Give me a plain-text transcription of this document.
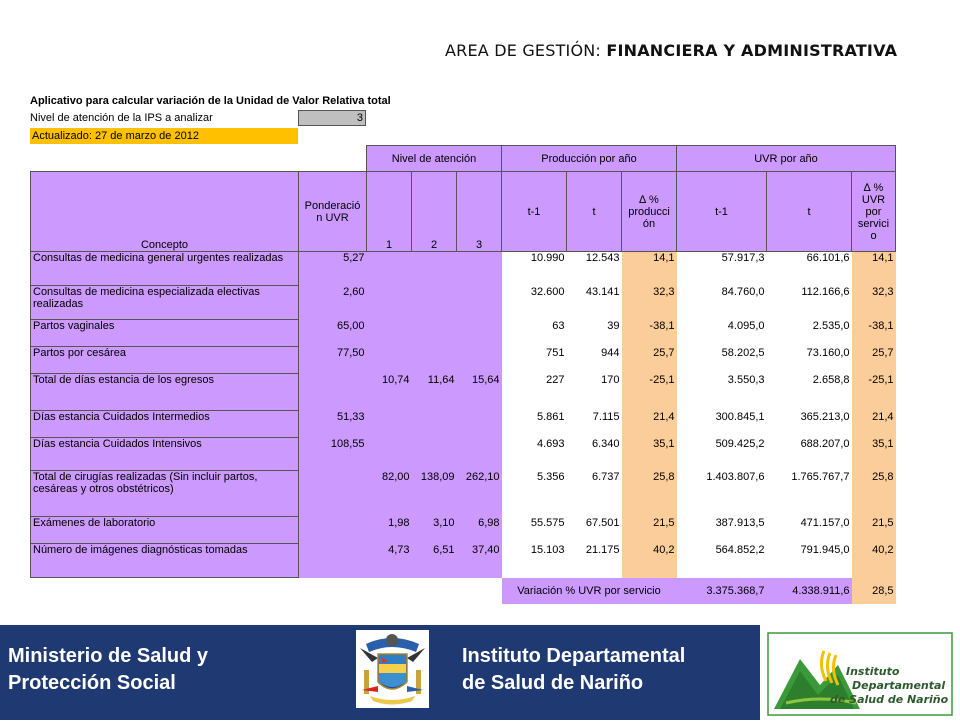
AREA DE GESTIÓN: FINANCIERA Y ADMINISTRATIVA
Aplicativo para calcular variación de la Unidad de Valor Relativa total
Nivel de atención de la IPS a analizar	3
Actualizado: 27 de marzo de 2012
		Nivel de atención			Producción por año			UVR por año		
Concepto	Ponderació n UVR	1	2	3	t-1	t	∆ % producci ón	t-1	t	∆ % UVR por servici o
Consultas de medicina general urgentes realizadas	5,27				10.990	12.543	14,1	57.917,3	66.101,6	14,1
Consultas de medicina especializada electivas realizadas	2,60				32.600	43.141	32,3	84.760,0	112.166,6	32,3
Partos vaginales	65,00				63	39	-38,1	4.095,0	2.535,0	-38,1
Partos por cesárea	77,50				751	944	25,7	58.202,5	73.160,0	25,7
Total de días estancia de los egresos		10,74	11,64	15,64	227	170	-25,1	3.550,3	2.658,8	-25,1
Días estancia Cuidados Intermedios	51,33				5.861	7.115	21,4	300.845,1	365.213,0	21,4
Días estancia Cuidados Intensivos	108,55				4.693	6.340	35,1	509.425,2	688.207,0	35,1
Total de cirugías realizadas (Sin incluir partos, cesáreas y otros obstétricos)		82,00	138,09	262,10	5.356	6.737	25,8	1.403.807,6	1.765.767,7	25,8
Exámenes de laboratorio		1,98	3,10	6,98	55.575	67.501	21,5	387.913,5	471.157,0	21,5
Número de imágenes diagnósticas tomadas		4,73	6,51	37,40	15.103	21.175	40,2	564.852,2	791.945,0	40,2
					Variación % UVR por servicio			3.375.368,7	4.338.911,6	28,5
Ministerio de Salud y
Protección Social
Instituto Departamental
de Salud de Nariño
Instituto
Departamental
de Salud de Nariño
